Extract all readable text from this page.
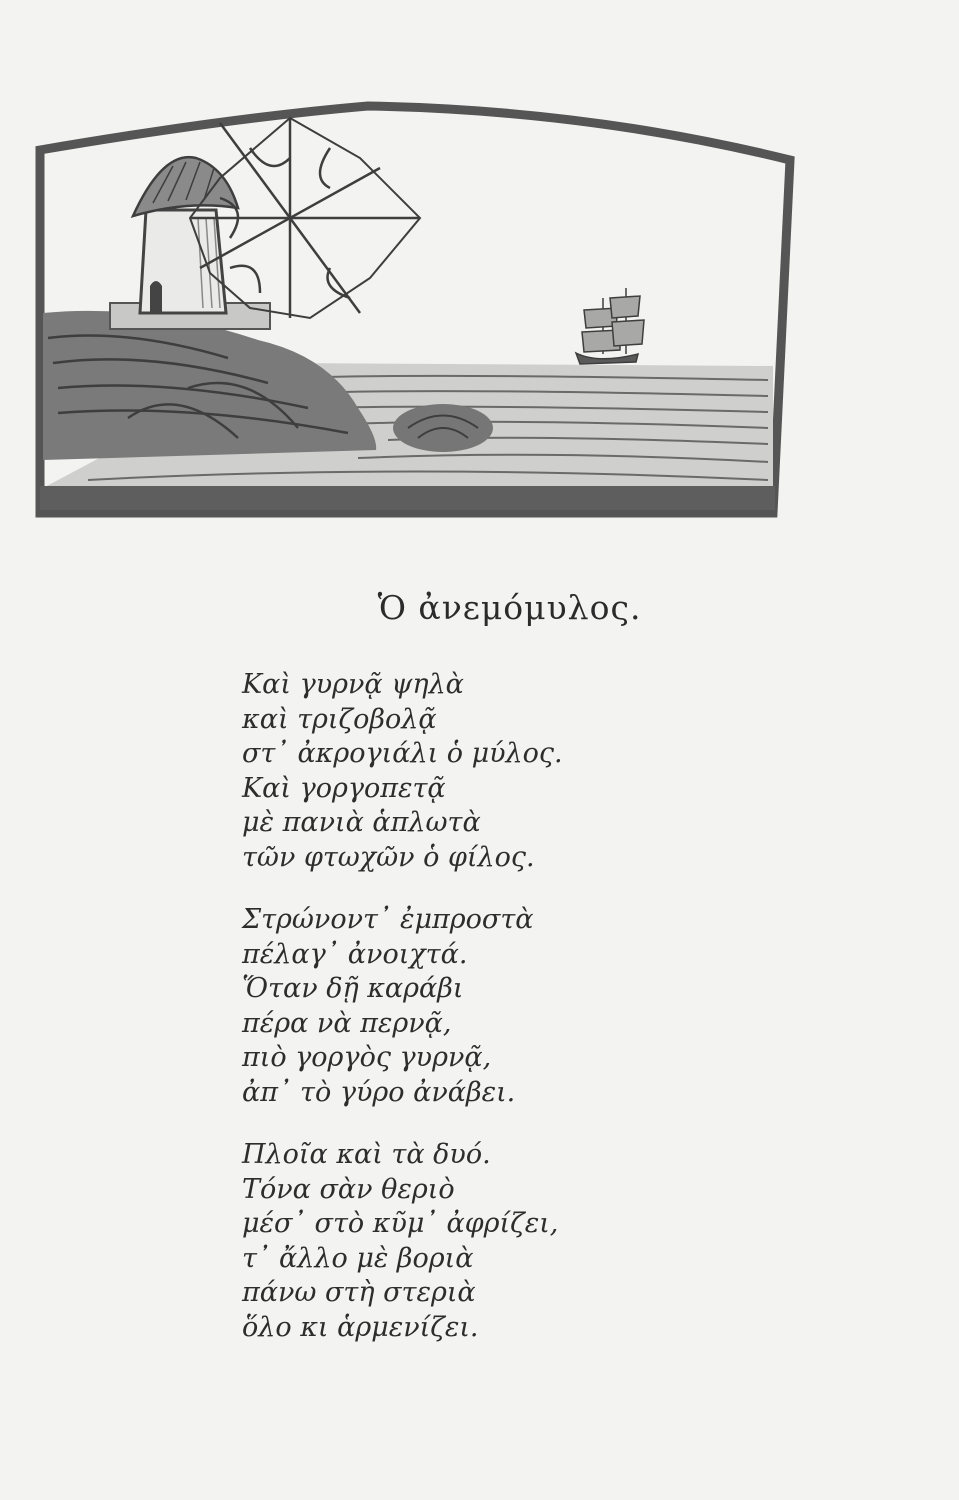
Ὁ ἀνεμόμυλος.
Καὶ γυρνᾷ ψηλὰ
καὶ τριζοβολᾷ
στ᾽ ἀκρογιάλι ὁ μύλος.
Καὶ γοργοπετᾷ
μὲ πανιὰ ἁπλωτὰ
τῶν φτωχῶν ὁ φίλος.
Στρώνοντ᾽ ἐμπροστὰ
πέλαγ᾽ ἀνοιχτά.
Ὅταν δῇ καράβι
πέρα νὰ περνᾷ,
πιὸ γοργὸς γυρνᾷ,
ἀπ᾽ τὸ γύρο ἀνάβει.
Πλοῖα καὶ τὰ δυό.
Τόνα σὰν θεριὸ
μέσ᾽ στὸ κῦμ᾽ ἀφρίζει,
τ᾽ ἄλλο μὲ βοριὰ
πάνω στὴ στεριὰ
ὅλο κι ἁρμενίζει.
